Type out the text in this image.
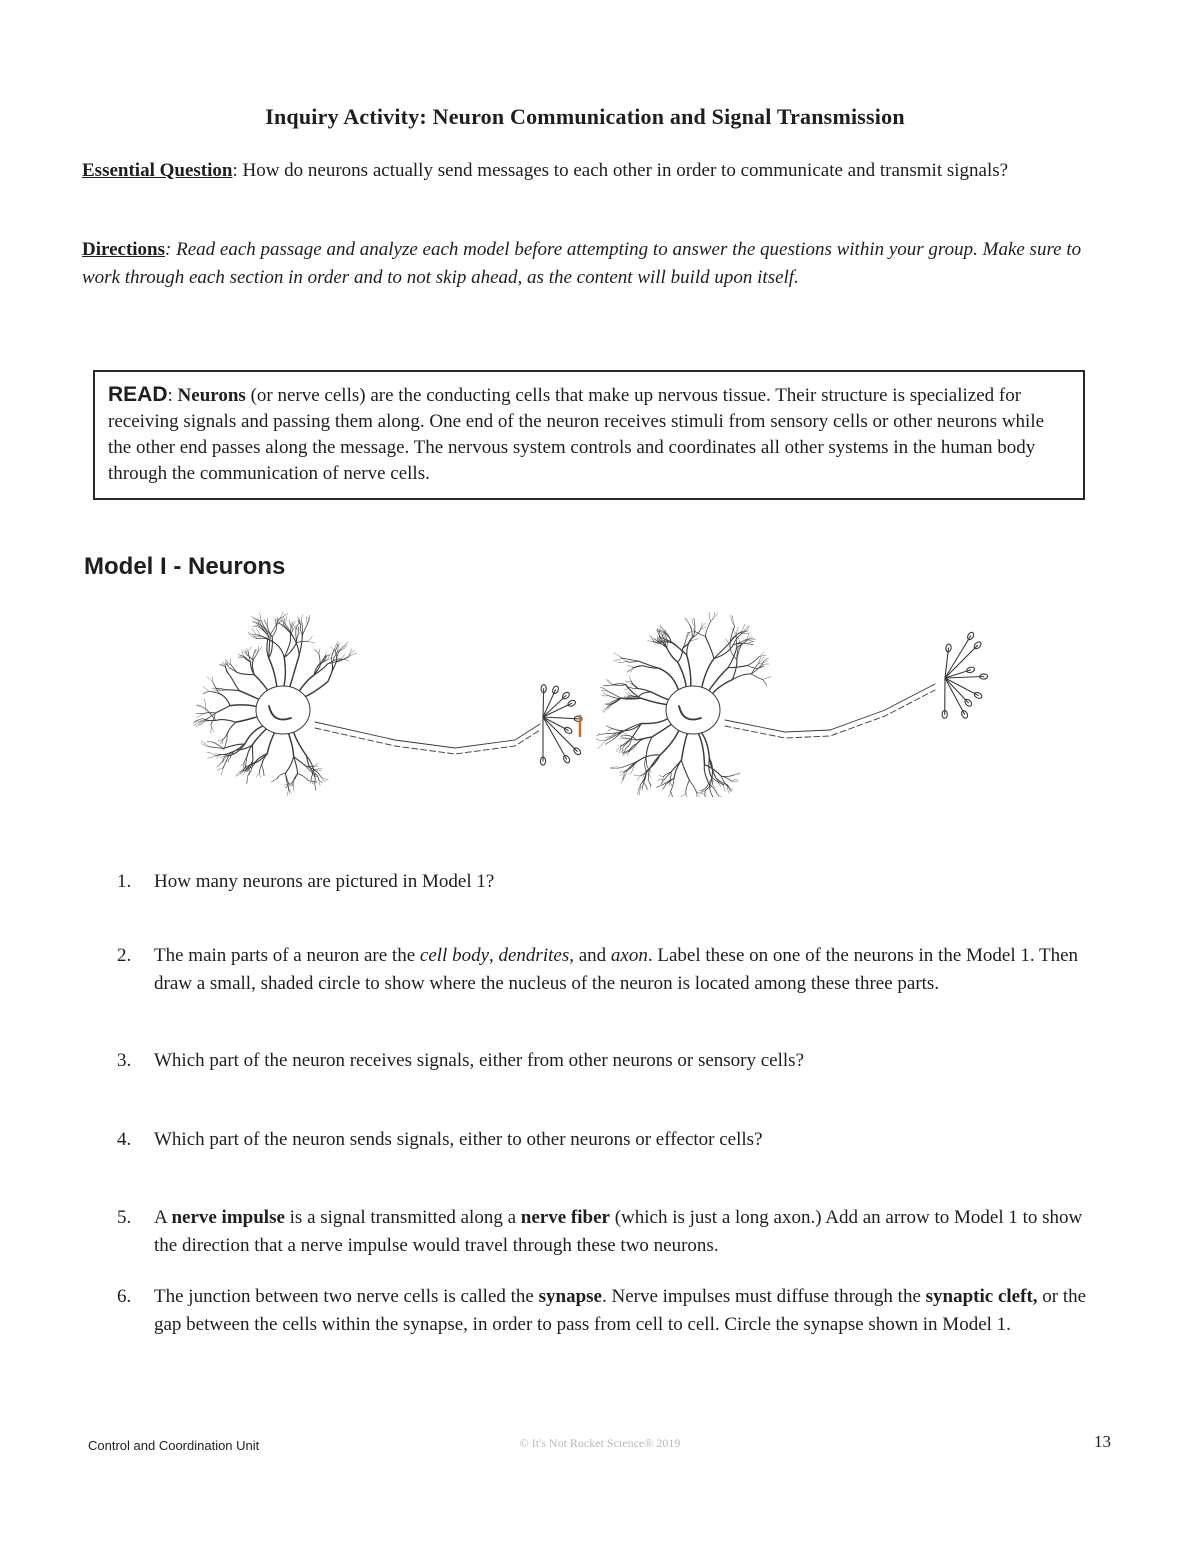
Inquiry Activity: Neuron Communication and Signal Transmission
Essential Question: How do neurons actually send messages to each other in order to communicate and transmit signals?
Directions: Read each passage and analyze each model before attempting to answer the questions within your group. Make sure to work through each section in order and to not skip ahead, as the content will build upon itself.
READ: Neurons (or nerve cells) are the conducting cells that make up nervous tissue. Their structure is specialized for receiving signals and passing them along. One end of the neuron receives stimuli from sensory cells or other neurons while the other end passes along the message. The nervous system controls and coordinates all other systems in the human body through the communication of nerve cells.
Model I - Neurons
1.	How many neurons are pictured in Model 1?
2.	The main parts of a neuron are the cell body, dendrites, and axon. Label these on one of the neurons in the Model 1. Then draw a small, shaded circle to show where the nucleus of the neuron is located among these three parts.
3.	Which part of the neuron receives signals, either from other neurons or sensory cells?
4.	Which part of the neuron sends signals, either to other neurons or effector cells?
5.	A nerve impulse is a signal transmitted along a nerve fiber (which is just a long axon.) Add an arrow to Model 1 to show the direction that a nerve impulse would travel through these two neurons.
6.	The junction between two nerve cells is called the synapse. Nerve impulses must diffuse through the synaptic cleft, or the gap between the cells within the synapse, in order to pass from cell to cell. Circle the synapse shown in Model 1.
Control and Coordination Unit	© It's Not Rocket Science® 2019	13
